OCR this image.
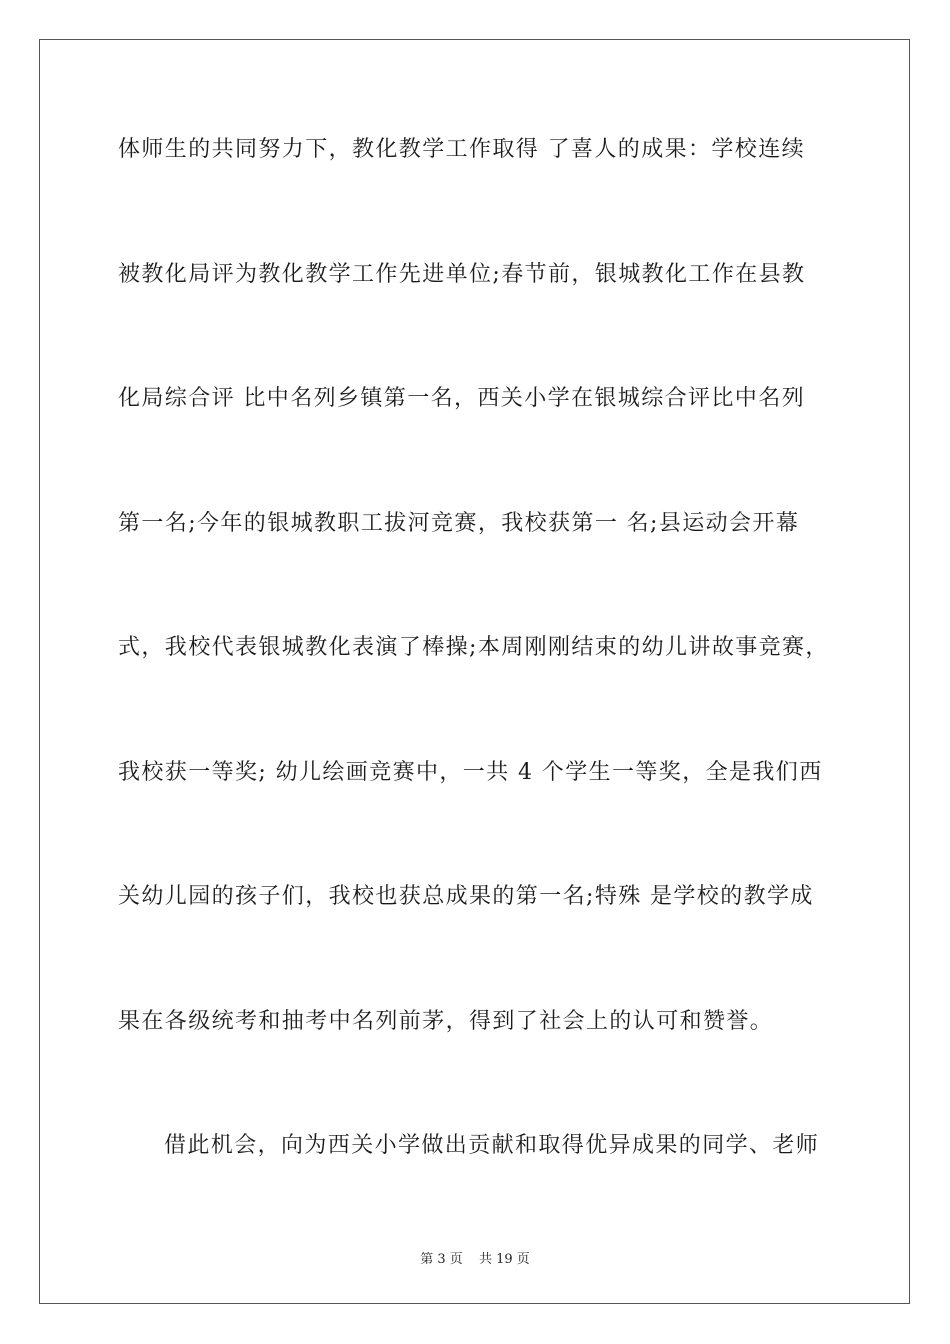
体师生的共同努力下，教化教学工作取得 了喜人的成果：学校连续
被教化局评为教化教学工作先进单位;春节前，银城教化工作在县教
化局综合评 比中名列乡镇第一名，西关小学在银城综合评比中名列
第一名;今年的银城教职工拔河竞赛，我校获第一 名;县运动会开幕
式，我校代表银城教化表演了棒操;本周刚刚结束的幼儿讲故事竞赛，
我校获一等奖; 幼儿绘画竞赛中，一共 4 个学生一等奖，全是我们西
关幼儿园的孩子们，我校也获总成果的第一名;特殊 是学校的教学成
果在各级统考和抽考中名列前茅，得到了社会上的认可和赞誉。
借此机会，向为西关小学做出贡献和取得优异成果的同学、老师
第 3 页 共 19 页
